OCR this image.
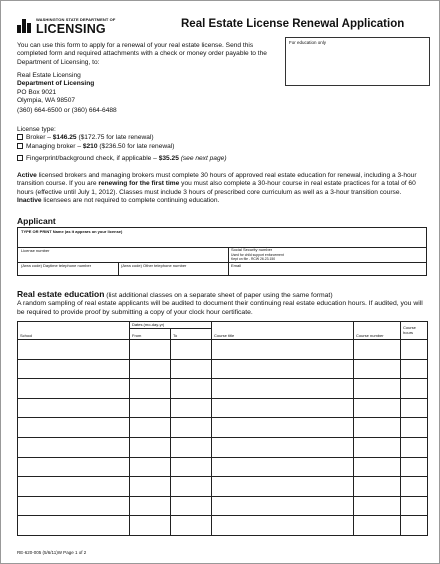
WASHINGTON STATE DEPARTMENT OF
LICENSING	Real Estate License Renewal Application
For education only
You can use this form to apply for a renewal of your real estate license. Send this completed form and required attachments with a check or money order payable to the Department of Licensing, to:
Real Estate Licensing
Department of Licensing
PO Box 9021
Olympia, WA 98507
(360) 664-6500 or (360) 664-6488
License type:
Broker – $146.25 ($172.75 for late renewal)
Managing broker – $210 ($236.50 for late renewal)
Fingerprint/background check, if applicable – $35.25 (see next page)
Active licensed brokers and managing brokers must complete 30 hours of approved real estate education for renewal, including a 3-hour transition course. If you are renewing for the first time you must also complete a 30-hour course in real estate practices for a total of 60 hours (effective until July 1, 2012). Classes must include 3 hours of prescribed core curriculum as well as a 3-hour transition course. Inactive licensees are not required to complete continuing education.
Applicant
TYPE OR PRINT Name (as it appears on your license)
License number	Social Security number
Used for child support enforcement
Kept on file - RCW 26.23.150
(Area code) Daytime telephone number	(Area code) Other telephone number	Email
Real estate education (list additional classes on a separate sheet of paper using the same format)
A random sampling of real estate applicants will be audited to document their continuing real estate education hours. If audited, you will be required to provide proof by submitting a copy of your clock hour certificate.
School	Dates (mo-day-yr)		Course title	Course number	Course hours
	From	To			

RE-620-005 (5/6/11)W Page 1 of 2
